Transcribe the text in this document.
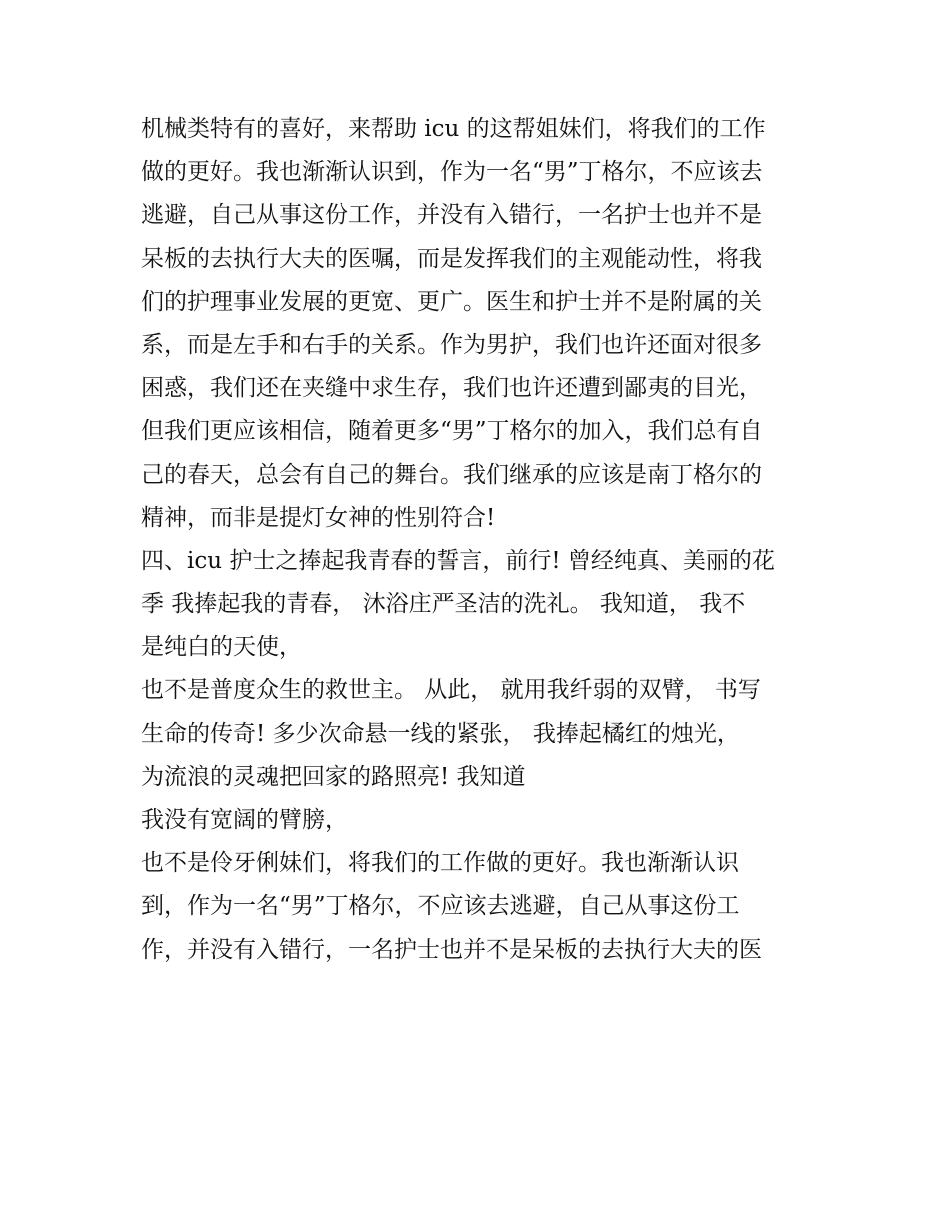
机械类特有的喜好，来帮助 icu 的这帮姐妹们，将我们的工作
做的更好。我也渐渐认识到，作为一名“男”丁格尔，不应该去
逃避，自己从事这份工作，并没有入错行，一名护士也并不是
呆板的去执行大夫的医嘱，而是发挥我们的主观能动性，将我
们的护理事业发展的更宽、更广。医生和护士并不是附属的关
系，而是左手和右手的关系。作为男护，我们也许还面对很多
困惑，我们还在夹缝中求生存，我们也许还遭到鄙夷的目光，
但我们更应该相信，随着更多“男”丁格尔的加入，我们总有自
己的春天，总会有自己的舞台。我们继承的应该是南丁格尔的
精神，而非是提灯女神的性别符合!
四、icu 护士之捧起我青春的誓言，前行! 曾经纯真、美丽的花
季 我捧起我的青春， 沐浴庄严圣洁的洗礼。 我知道， 我不
是纯白的天使，
也不是普度众生的救世主。 从此， 就用我纤弱的双臂， 书写
生命的传奇! 多少次命悬一线的紧张， 我捧起橘红的烛光，
为流浪的灵魂把回家的路照亮! 我知道
我没有宽阔的臂膀，
也不是伶牙俐妹们，将我们的工作做的更好。我也渐渐认识
到，作为一名“男”丁格尔，不应该去逃避，自己从事这份工
作，并没有入错行，一名护士也并不是呆板的去执行大夫的医
